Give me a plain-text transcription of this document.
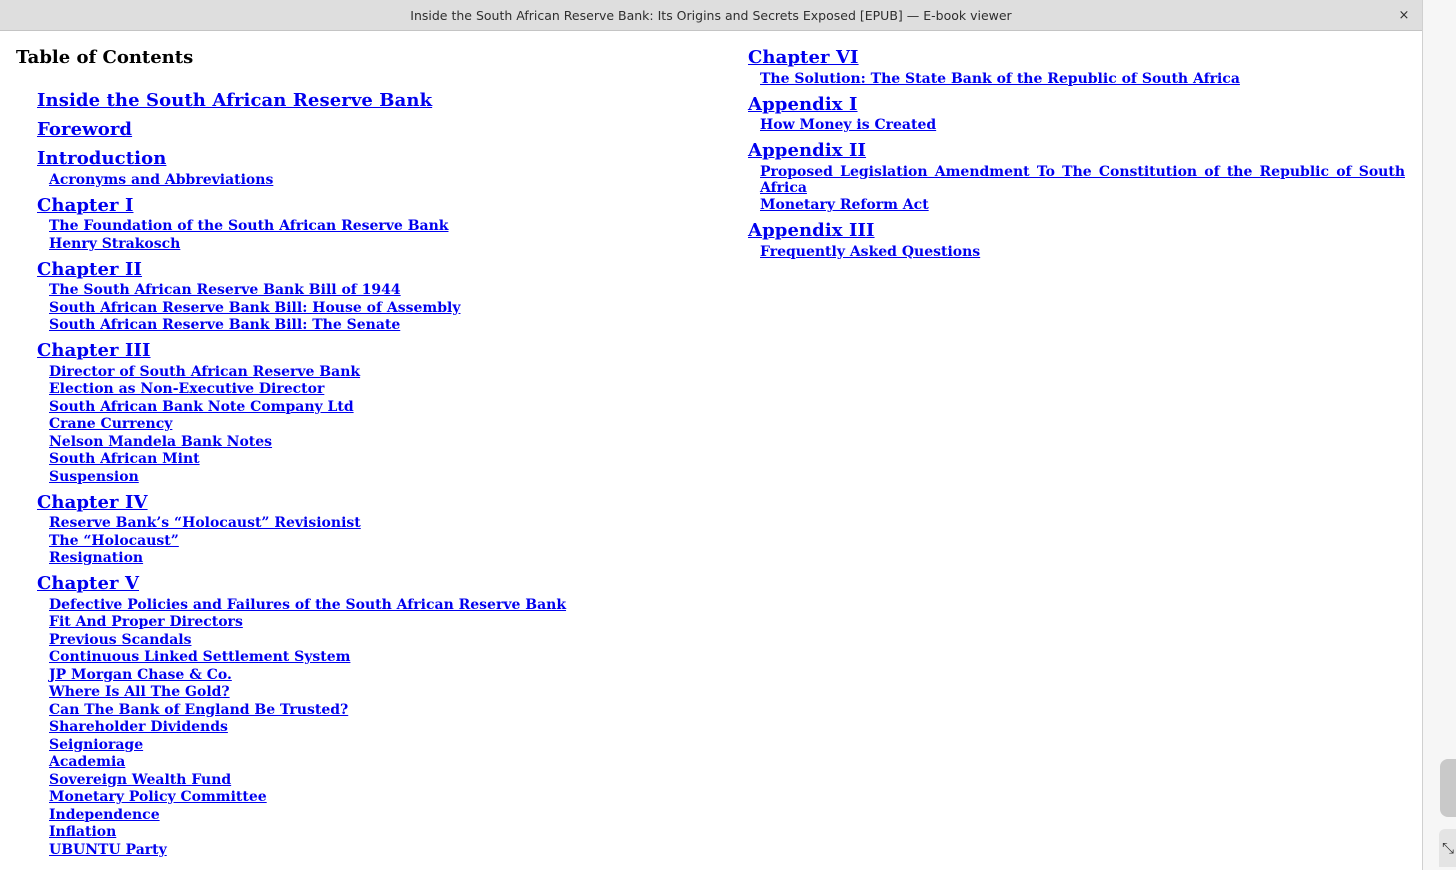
Inside the South African Reserve Bank: Its Origins and Secrets Exposed [EPUB] — E-book viewer	×
Table of Contents
Inside the South African Reserve Bank
Foreword
Introduction
Acronyms and Abbreviations
Chapter I
The Foundation of the South African Reserve Bank
Henry Strakosch
Chapter II
The South African Reserve Bank Bill of 1944
South African Reserve Bank Bill: House of Assembly
South African Reserve Bank Bill: The Senate
Chapter III
Director of South African Reserve Bank
Election as Non-Executive Director
South African Bank Note Company Ltd
Crane Currency
Nelson Mandela Bank Notes
South African Mint
Suspension
Chapter IV
Reserve Bank’s “Holocaust” Revisionist
The “Holocaust”
Resignation
Chapter V
Defective Policies and Failures of the South African Reserve Bank
Fit And Proper Directors
Previous Scandals
Continuous Linked Settlement System
JP Morgan Chase & Co.
Where Is All The Gold?
Can The Bank of England Be Trusted?
Shareholder Dividends
Seigniorage
Academia
Sovereign Wealth Fund
Monetary Policy Committee
Independence
Inflation
UBUNTU Party
Chapter VI
The Solution: The State Bank of the Republic of South Africa
Appendix I
How Money is Created
Appendix II
Proposed Legislation Amendment To The Constitution of the Republic of South Africa
Monetary Reform Act
Appendix III
Frequently Asked Questions
⤡
